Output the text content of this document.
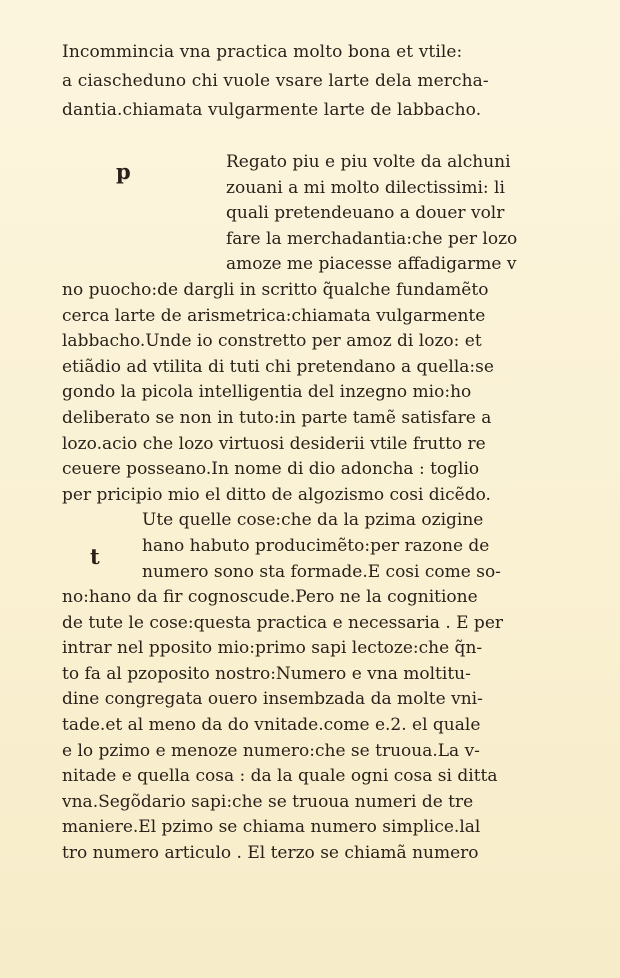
Incommincia vna practica molto bona et vtile:
a ciascheduno chi vuole vsare larte dela mercha-
dantia.chiamata vulgarmente larte de labbacho.
p
t
Regato piu e piu volte da alchuni
zouani a mi molto dilectissimi: li
quali pretendeuano a douer volr
fare la merchadantia:che per lozo
amoze me piacesse affadigarme v
no puocho:de dargli in scritto q̃ualche fundamẽto
cerca larte de arismetrica:chiamata vulgarmente
labbacho.Unde io constretto per amoz di lozo: et
etiãdio ad vtilita di tuti chi pretendano a quella:se
gondo la picola intelligentia del inzegno mio:ho
deliberato se non in tuto:in parte tamẽ satisfare a
lozo.acio che lozo virtuosi desiderii vtile frutto re
ceuere posseano.In nome di dio adoncha : toglio
per pricipio mio el ditto de algozismo cosi dicẽdo.
Ute quelle cose:che da la pzima ozigine
hano habuto producimẽto:per razone de
numero sono sta formade.E cosi come so-
no:hano da fir cognoscude.Pero ne la cognitione
de tute le cose:questa practica e necessaria . E per
intrar nel pposito mio:primo sapi lectoze:che q̃n-
to fa al pzoposito nostro:Numero e vna moltitu-
dine congregata ouero insembzada da molte vni-
tade.et al meno da do vnitade.come e.2. el quale
e lo pzimo e menoze numero:che se truoua.La v-
nitade e quella cosa : da la quale ogni cosa si ditta
vna.Segõdario sapi:che se truoua numeri de tre
maniere.El pzimo se chiama numero simplice.lal
tro numero articulo . El terzo se chiamã numero
